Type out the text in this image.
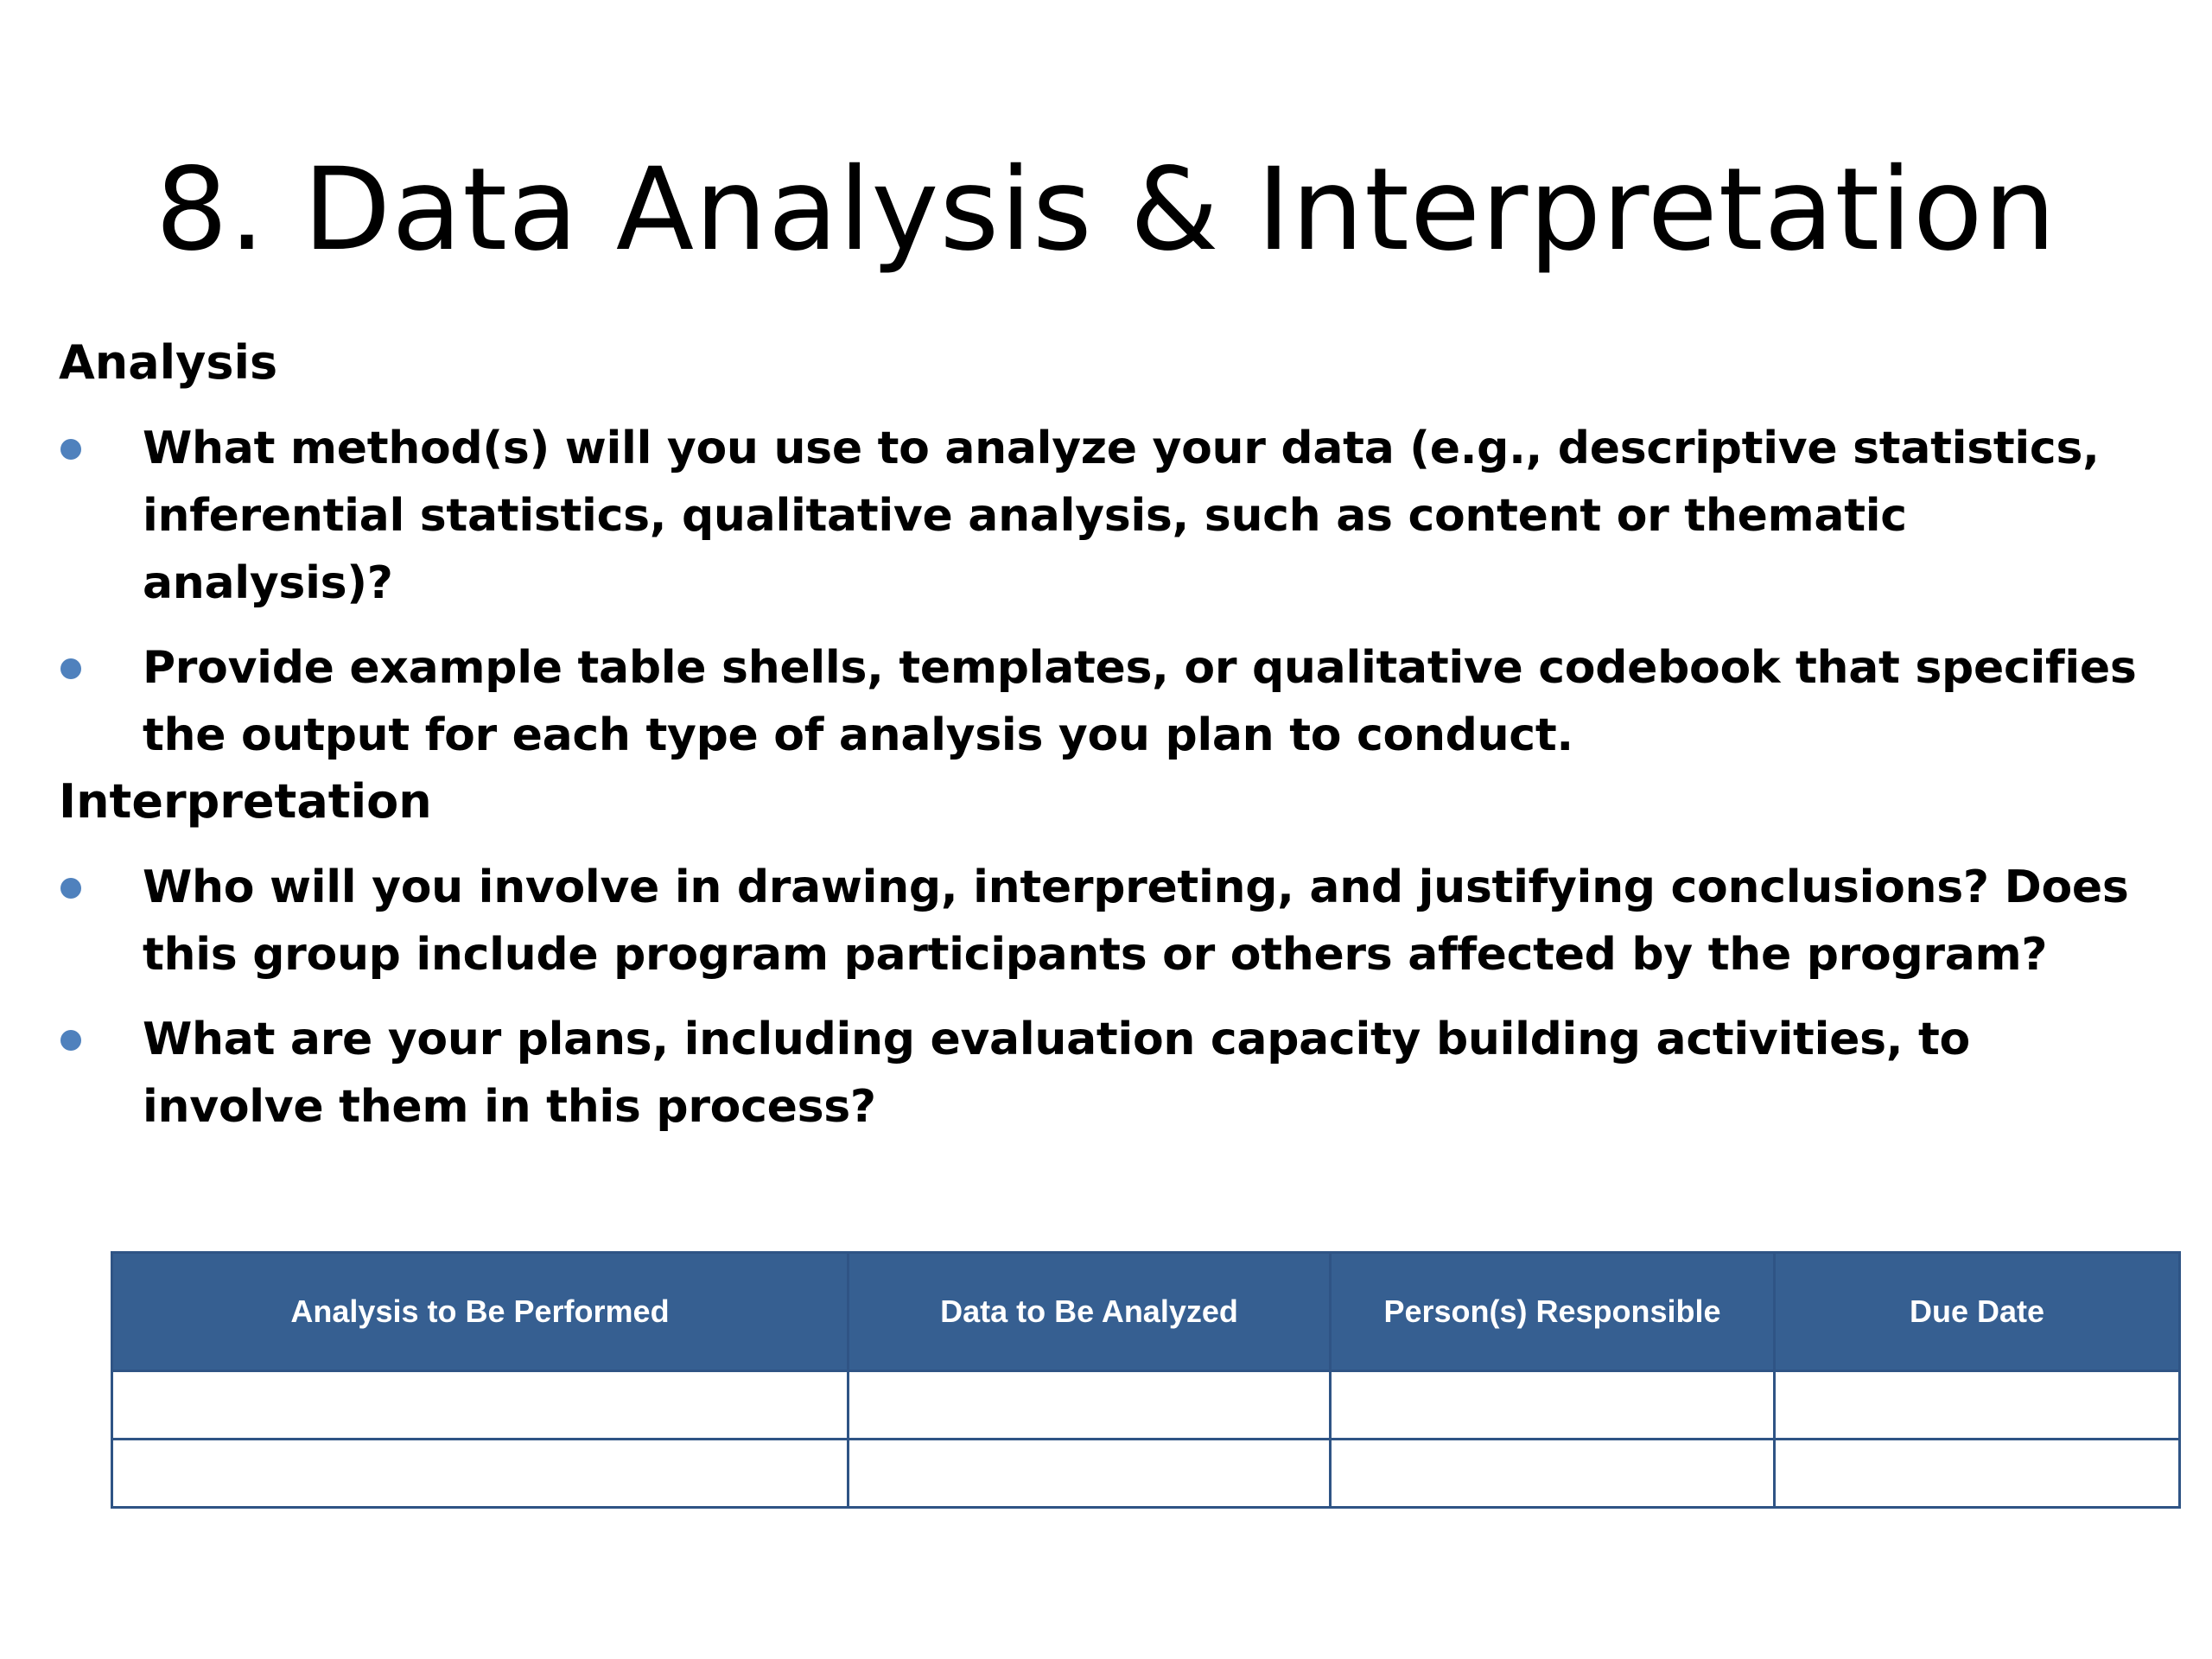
8. Data Analysis & Interpretation
Analysis
What method(s) will you use to analyze your data (e.g., descriptive statistics, inferential statistics, qualitative analysis, such as content or thematic analysis)?
Provide example table shells, templates, or qualitative codebook that specifies the output for each type of analysis you plan to conduct.
Interpretation
Who will you involve in drawing, interpreting, and justifying conclusions? Does this group include program participants or others affected by the program?
What are your plans, including evaluation capacity building activities, to involve them in this process?
Analysis to Be Performed	Data to Be Analyzed	Person(s) Responsible	Due Date
